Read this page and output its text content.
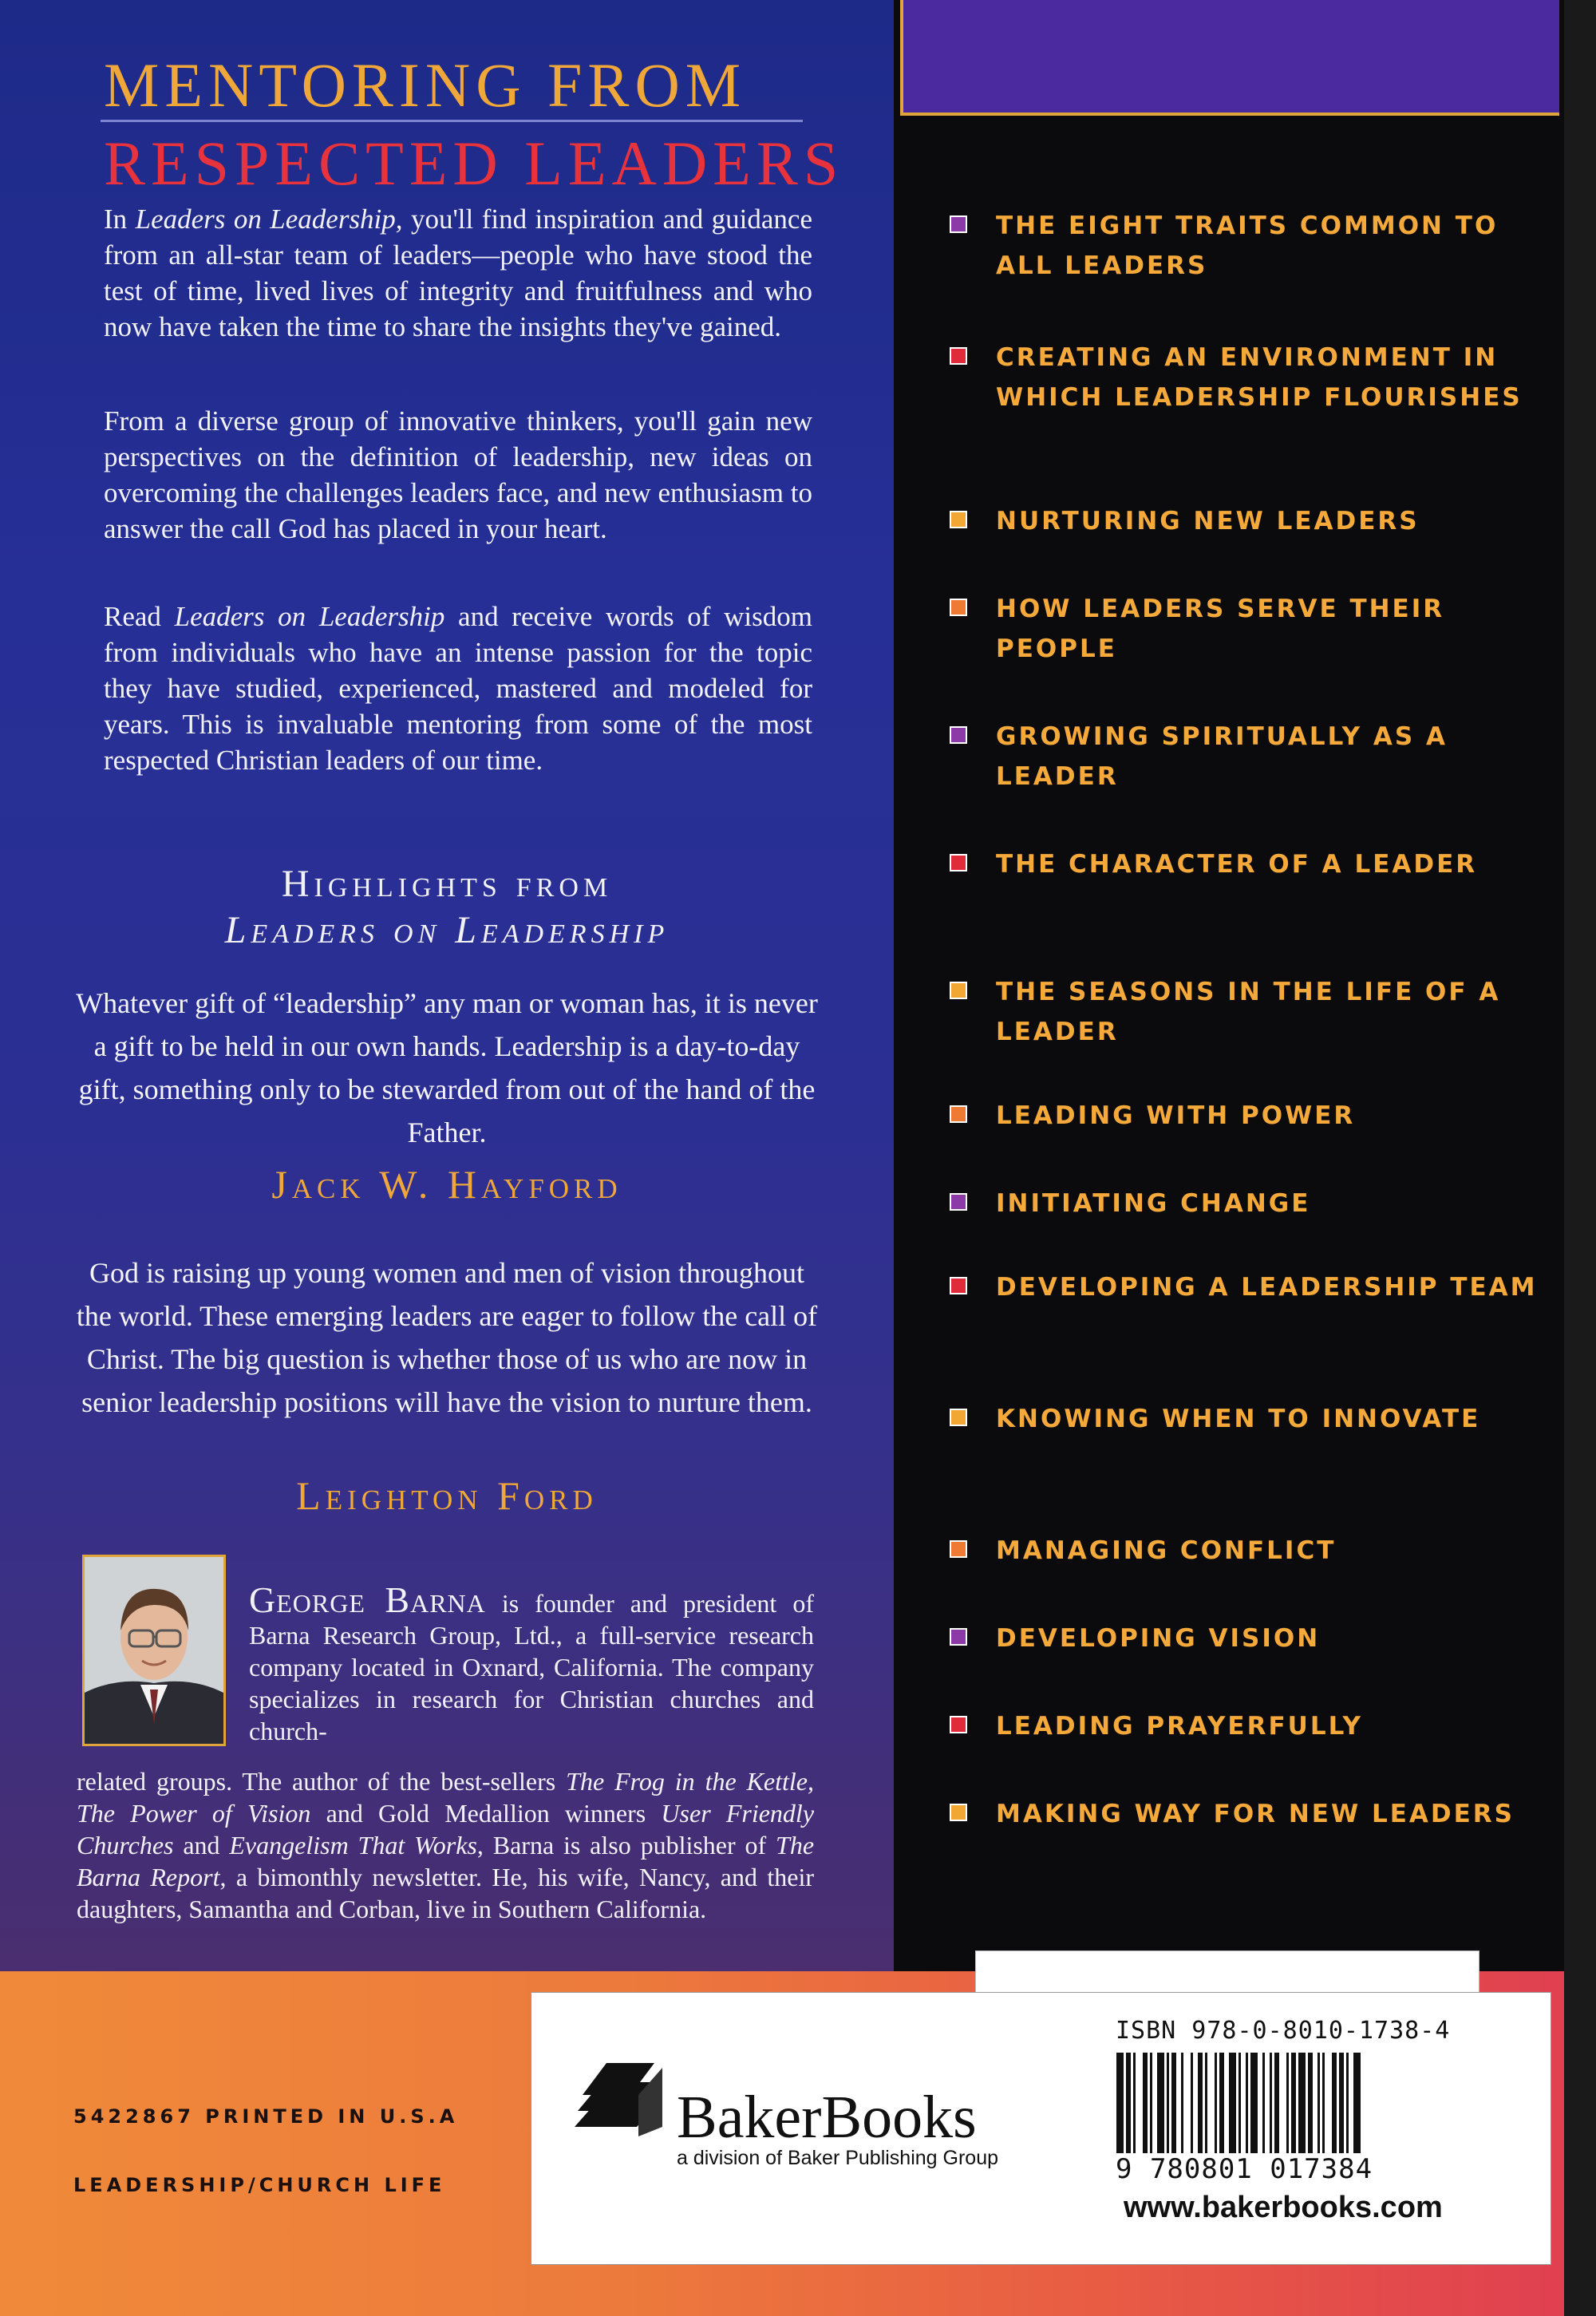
MENTORING FROM
RESPECTED LEADERS
In Leaders on Leadership, you'll find inspiration and guidance from an all-star team of leaders—people who have stood the test of time, lived lives of integrity and fruitfulness and who now have taken the time to share the insights they've gained.
From a diverse group of innovative thinkers, you'll gain new perspectives on the definition of leadership, new ideas on overcoming the challenges leaders face, and new enthusiasm to answer the call God has placed in your heart.
Read Leaders on Leadership and receive words of wisdom from individuals who have an intense passion for the topic they have studied, experienced, mastered and modeled for years. This is invaluable mentoring from some of the most respected Christian leaders of our time.
Highlights from
Leaders on Leadership
Whatever gift of “leadership” any man or woman has, it is never a gift to be held in our own hands. Leadership is a day-to-day gift, something only to be stewarded from out of the hand of the Father.
Jack W. Hayford
God is raising up young women and men of vision throughout the world. These emerging leaders are eager to follow the call of Christ. The big question is whether those of us who are now in senior leadership positions will have the vision to nurture them.
Leighton Ford
George Barna is founder and president of Barna Research Group, Ltd., a full-service research company located in Oxnard, California. The company specializes in research for Christian churches and church-
related groups. The author of the best-sellers The Frog in the Kettle, The Power of Vision and Gold Medallion winners User Friendly Churches and Evangelism That Works, Barna is also publisher of The Barna Report, a bimonthly newsletter. He, his wife, Nancy, and their daughters, Samantha and Corban, live in Southern California.
THE EIGHT TRAITS COMMON TO ALL LEADERS
CREATING AN ENVIRONMENT IN WHICH LEADERSHIP FLOURISHES
NURTURING NEW LEADERS
HOW LEADERS SERVE THEIR PEOPLE
GROWING SPIRITUALLY AS A LEADER
THE CHARACTER OF A LEADER
THE SEASONS IN THE LIFE OF A LEADER
LEADING WITH POWER
INITIATING CHANGE
DEVELOPING A LEADERSHIP TEAM
KNOWING WHEN TO INNOVATE
MANAGING CONFLICT
DEVELOPING VISION
LEADING PRAYERFULLY
MAKING WAY FOR NEW LEADERS
5422867 PRINTED IN U.S.A
LEADERSHIP/CHURCH LIFE
BakerBooks
a division of Baker Publishing Group
ISBN 978-0-8010-1738-4
9 780801 017384
www.bakerbooks.com
